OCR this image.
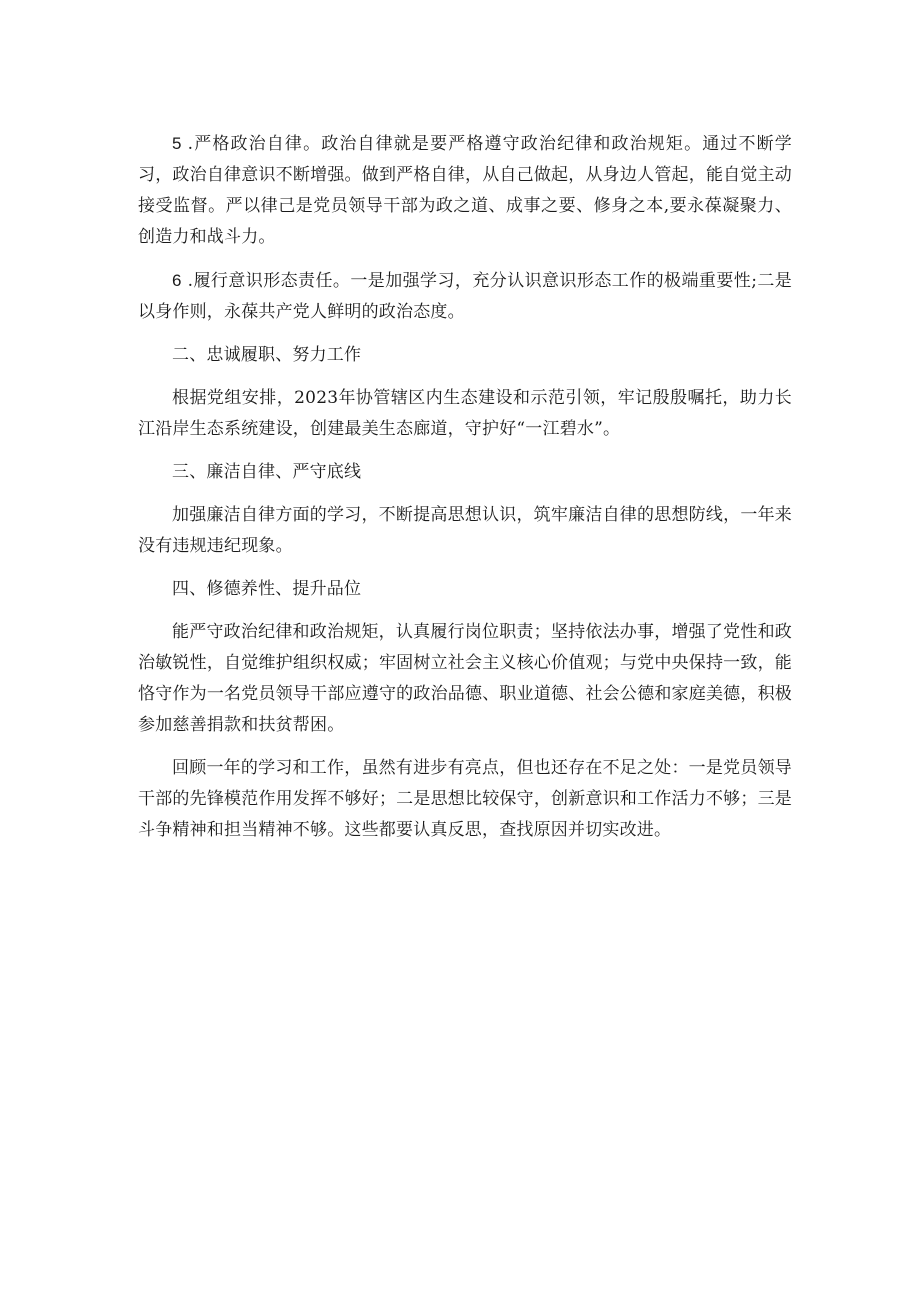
5 .严格政治自律。政治自律就是要严格遵守政治纪律和政治规矩。通过不断学习，政治自律意识不断增强。做到严格自律，从自己做起，从身边人管起，能自觉主动接受监督。严以律己是党员领导干部为政之道、成事之要、修身之本,要永葆凝聚力、创造力和战斗力。

6 .履行意识形态责任。一是加强学习，充分认识意识形态工作的极端重要性;二是以身作则，永葆共产党人鲜明的政治态度。

二、忠诚履职、努力工作

根据党组安排，2023年协管辖区内生态建设和示范引领，牢记殷殷嘱托，助力长江沿岸生态系统建设，创建最美生态廊道，守护好“一江碧水”。

三、廉洁自律、严守底线

加强廉洁自律方面的学习，不断提高思想认识，筑牢廉洁自律的思想防线，一年来没有违规违纪现象。

四、修德养性、提升品位

能严守政治纪律和政治规矩，认真履行岗位职责；坚持依法办事，增强了党性和政治敏锐性，自觉维护组织权威；牢固树立社会主义核心价值观；与党中央保持一致，能恪守作为一名党员领导干部应遵守的政治品德、职业道德、社会公德和家庭美德，积极参加慈善捐款和扶贫帮困。

回顾一年的学习和工作，虽然有进步有亮点，但也还存在不足之处：一是党员领导干部的先锋模范作用发挥不够好；二是思想比较保守，创新意识和工作活力不够；三是斗争精神和担当精神不够。这些都要认真反思，查找原因并切实改进。
